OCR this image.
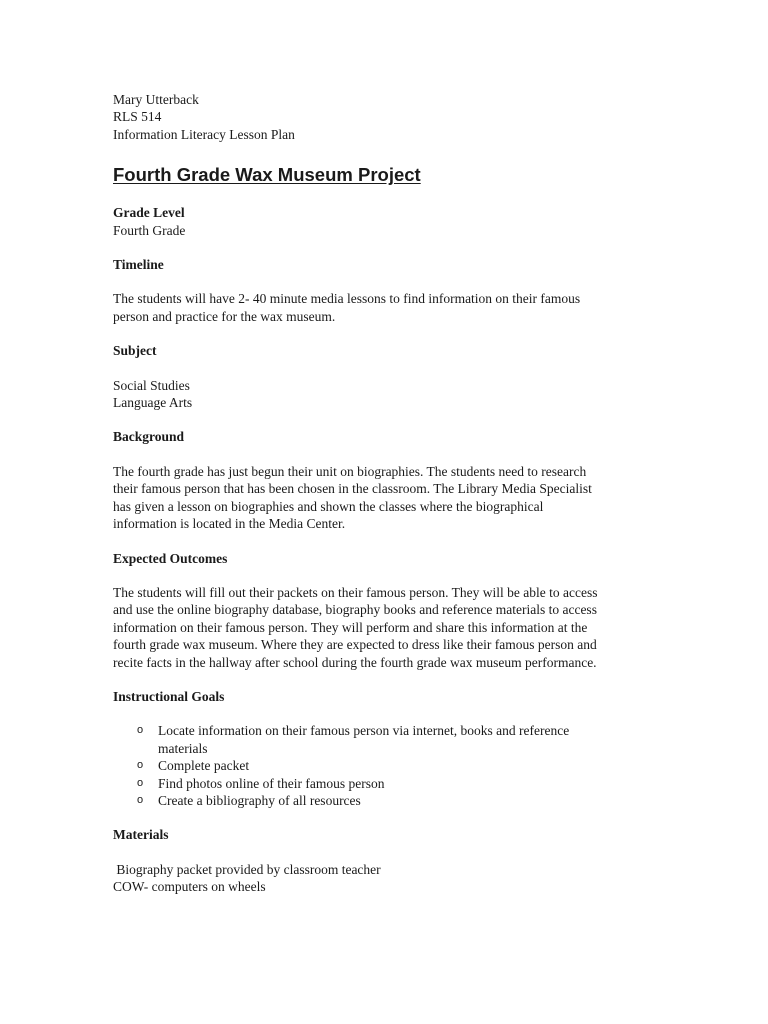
Mary Utterback
RLS 514
Information Literacy Lesson Plan
Fourth Grade Wax Museum Project
Grade Level
Fourth Grade
Timeline
The students will have 2- 40 minute media lessons to find information on their famous
person and practice for the wax museum.
Subject
Social Studies
Language Arts
Background
The fourth grade has just begun their unit on biographies. The students need to research
their famous person that has been chosen in the classroom. The Library Media Specialist
has given a lesson on biographies and shown the classes where the biographical
information is located in the Media Center.
Expected Outcomes
The students will fill out their packets on their famous person. They will be able to access
and use the online biography database, biography books and reference materials to access
information on their famous person. They will perform and share this information at the
fourth grade wax museum. Where they are expected to dress like their famous person and
recite facts in the hallway after school during the fourth grade wax museum performance.
Instructional Goals
o Locate information on their famous person via internet, books and reference
materials
o Complete packet
o Find photos online of their famous person
o Create a bibliography of all resources
Materials
Biography packet provided by classroom teacher
COW- computers on wheels
